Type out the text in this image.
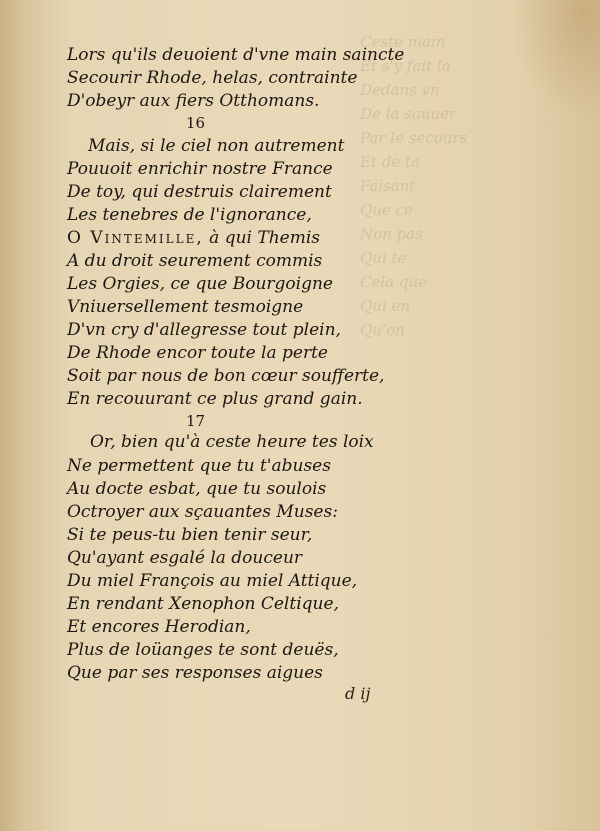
Ceste main
Et s'y fait la
Dedans vn
De la sauuer
Par le secours
Et de ta
Faisant
Que ce
Non pas
Qui te
Cela que
Qui en
Qu'on
Lors qu'ils deuoient d'vne main saincte
Secourir Rhode, helas, contrainte
D'obeyr aux fiers Otthomans.
16
Mais, si le ciel non autrement
Pouuoit enrichir nostre France
De toy, qui destruis clairement
Les tenebres de l'ignorance,
O Vintemille, à qui Themis
A du droit seurement commis
Les Orgies, ce que Bourgoigne
Vniuersellement tesmoigne
D'vn cry d'allegresse tout plein,
De Rhode encor toute la perte
Soit par nous de bon cœur soufferte,
En recouurant ce plus grand gain.
17
Or, bien qu'à ceste heure tes loix
Ne permettent que tu t'abuses
Au docte esbat, que tu soulois
Octroyer aux sçauantes Muses:
Si te peus-tu bien tenir seur,
Qu'ayant esgalé la douceur
Du miel François au miel Attique,
En rendant Xenophon Celtique,
Et encores Herodian,
Plus de loüanges te sont deuës,
Que par ses responses aigues
d ij
